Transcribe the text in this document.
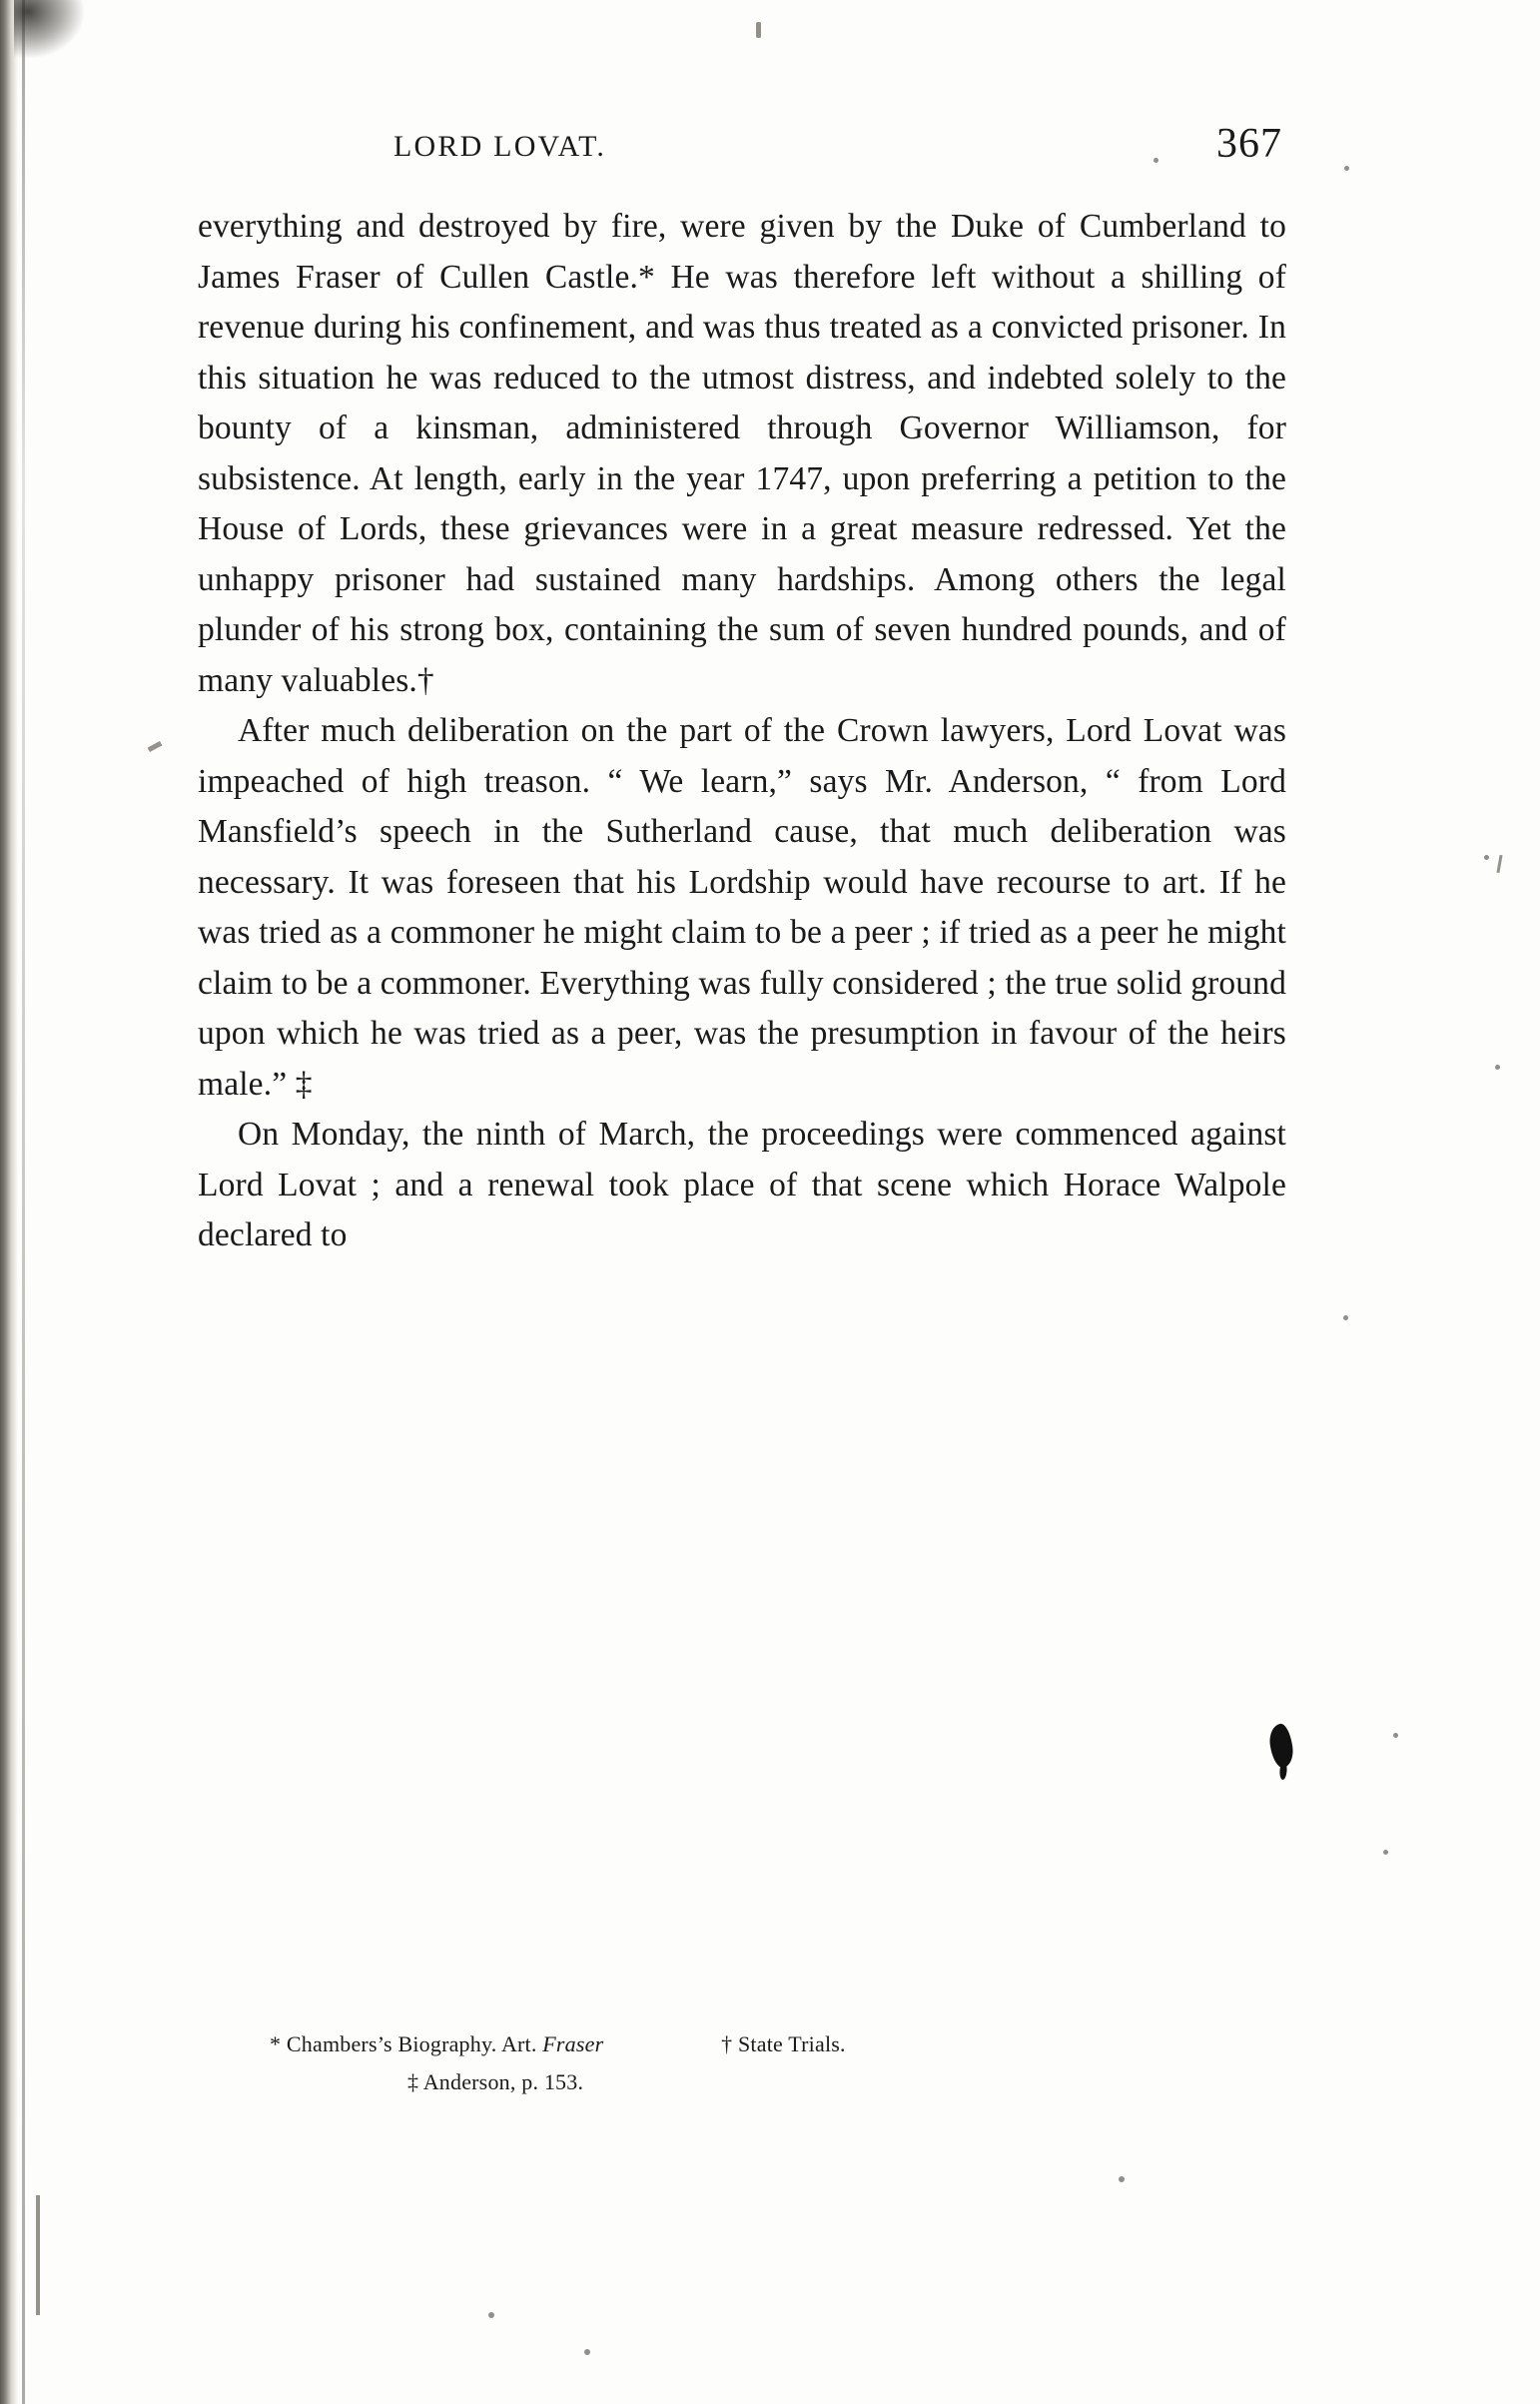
LORD LOVAT.	367

everything and destroyed by fire, were given by the Duke of Cumberland to James Fraser of Cullen Castle.* He was therefore left without a shilling of revenue during his confinement, and was thus treated as a convicted prisoner. In this situation he was reduced to the utmost distress, and indebted solely to the bounty of a kinsman, administered through Governor Williamson, for subsistence. At length, early in the year 1747, upon preferring a petition to the House of Lords, these grievances were in a great measure redressed. Yet the unhappy prisoner had sustained many hardships. Among others the legal plunder of his strong box, containing the sum of seven hundred pounds, and of many valuables.†

After much deliberation on the part of the Crown lawyers, Lord Lovat was impeached of high treason. “ We learn,” says Mr. Anderson, “ from Lord Mansfield’s speech in the Sutherland cause, that much deliberation was necessary. It was foreseen that his Lordship would have recourse to art. If he was tried as a commoner he might claim to be a peer ; if tried as a peer he might claim to be a commoner. Everything was fully considered ; the true solid ground upon which he was tried as a peer, was the presumption in favour of the heirs male.” ‡

On Monday, the ninth of March, the proceedings were commenced against Lord Lovat ; and a renewal took place of that scene which Horace Walpole declared to

* Chambers’s Biography. Art. Fraser	† State Trials.
‡ Anderson, p. 153.
